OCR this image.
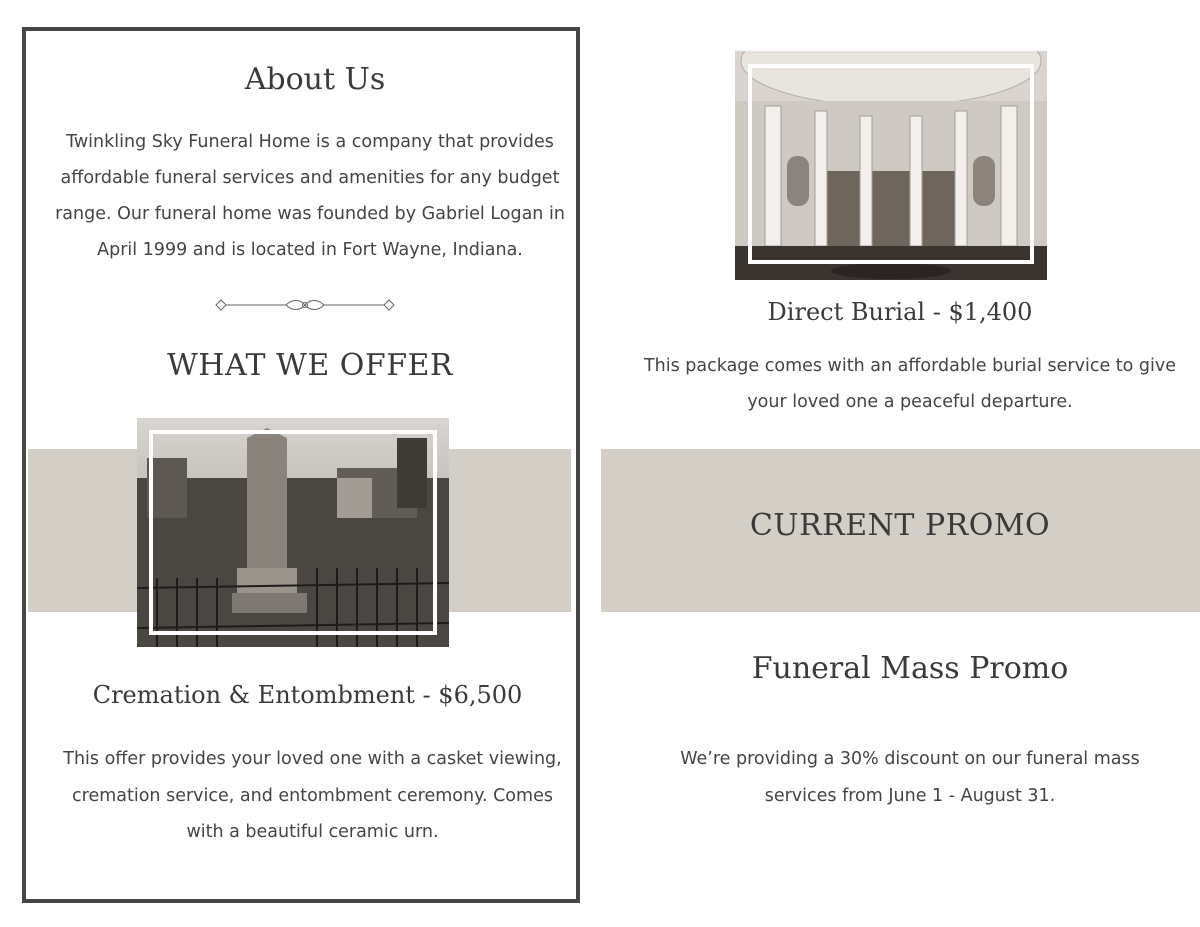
About Us

Twinkling Sky Funeral Home is a company that provides affordable funeral services and amenities for any budget range. Our funeral home was founded by Gabriel Logan in April 1999 and is located in Fort Wayne, Indiana.

WHAT WE OFFER
Cremation & Entombment - $6,500

This offer provides your loved one with a casket viewing, cremation service, and entombment ceremony. Comes with a beautiful ceramic urn.

Direct Burial - $1,400

This package comes with an affordable burial service to give your loved one a peaceful departure.

CURRENT PROMO
Funeral Mass Promo

We’re providing a 30% discount on our funeral mass services from June 1 - August 31.
